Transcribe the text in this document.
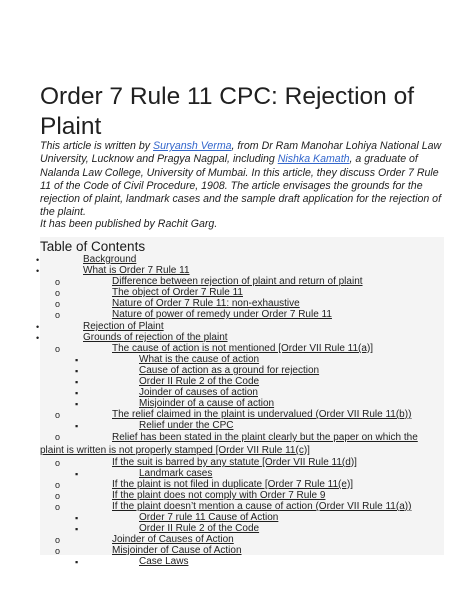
Order 7 Rule 11 CPC: Rejection of Plaint
This article is written by Suryansh Verma, from Dr Ram Manohar Lohiya National Law University, Lucknow and Pragya Nagpal, including Nishka Kamath, a graduate of Nalanda Law College, University of Mumbai. In this article, they discuss Order 7 Rule 11 of the Code of Civil Procedure, 1908. The article envisages the grounds for the rejection of plaint, landmark cases and the sample draft application for the rejection of the plaint.
It has been published by Rachit Garg.
Table of Contents
•	Background
•	What is Order 7 Rule 11
o	Difference between rejection of plaint and return of plaint
o	The object of Order 7 Rule 11
o	Nature of Order 7 Rule 11: non-exhaustive
o	Nature of power of remedy under Order 7 Rule 11
•	Rejection of Plaint
•	Grounds of rejection of the plaint
o	The cause of action is not mentioned [Order VII Rule 11(a)]
▪	What is the cause of action
▪	Cause of action as a ground for rejection
▪	Order II Rule 2 of the Code
▪	Joinder of causes of action
▪	Misjoinder of a cause of action
o	The relief claimed in the plaint is undervalued (Order VII Rule 11(b))
▪	Relief under the CPC
o	Relief has been stated in the plaint clearly but the paper on which the plaint is written is not properly stamped [Order VII Rule 11(c)]
o	If the suit is barred by any statute [Order VII Rule 11(d)]
▪	Landmark cases
o	If the plaint is not filed in duplicate [Order 7 Rule 11(e)]
o	If the plaint does not comply with Order 7 Rule 9
o	If the plaint doesn’t mention a cause of action (Order VII Rule 11(a))
▪	Order 7 rule 11 Cause of Action
▪	Order II Rule 2 of the Code
o	Joinder of Causes of Action
o	Misjoinder of Cause of Action
▪	Case Laws
